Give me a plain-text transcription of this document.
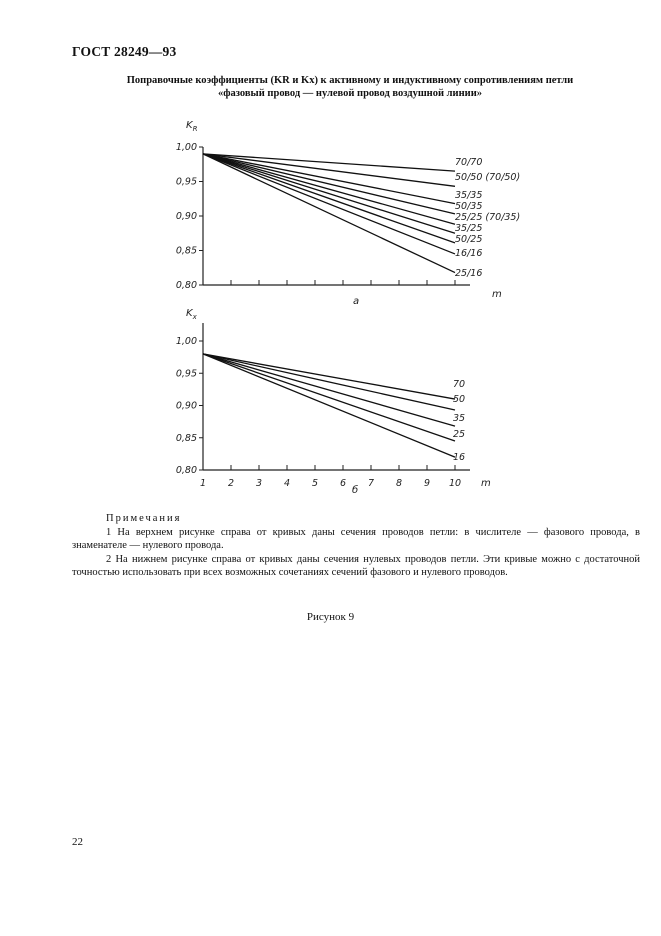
ГОСТ 28249—93
Поправочные коэффициенты (KR и Kx) к активному и индуктивному сопротивлениям петли
«фазовый провод — нулевой провод воздушной линии»
1,00
0,95
0,90
0,85
0,80
70/70
50/50 (70/50)
35/35
50/35
25/25 (70/35)
35/25
50/25
16/16
25/16
$K_R$
а
m
1,00
0,95
0,90
0,85
0,80
1 2 3 4 5 6 7 8 9 10
70
50
35
25
16
$K_x$
б
m

Примечания

1 На верхнем рисунке справа от кривых даны сечения проводов петли: в числителе — фазового провода, в знаменателе — нулевого провода.

2 На нижнем рисунке справа от кривых даны сечения нулевых проводов петли. Эти кривые можно с достаточной точностью использовать при всех возможных сочетаниях сечений фазового и нулевого проводов.

Рисунок 9
22
